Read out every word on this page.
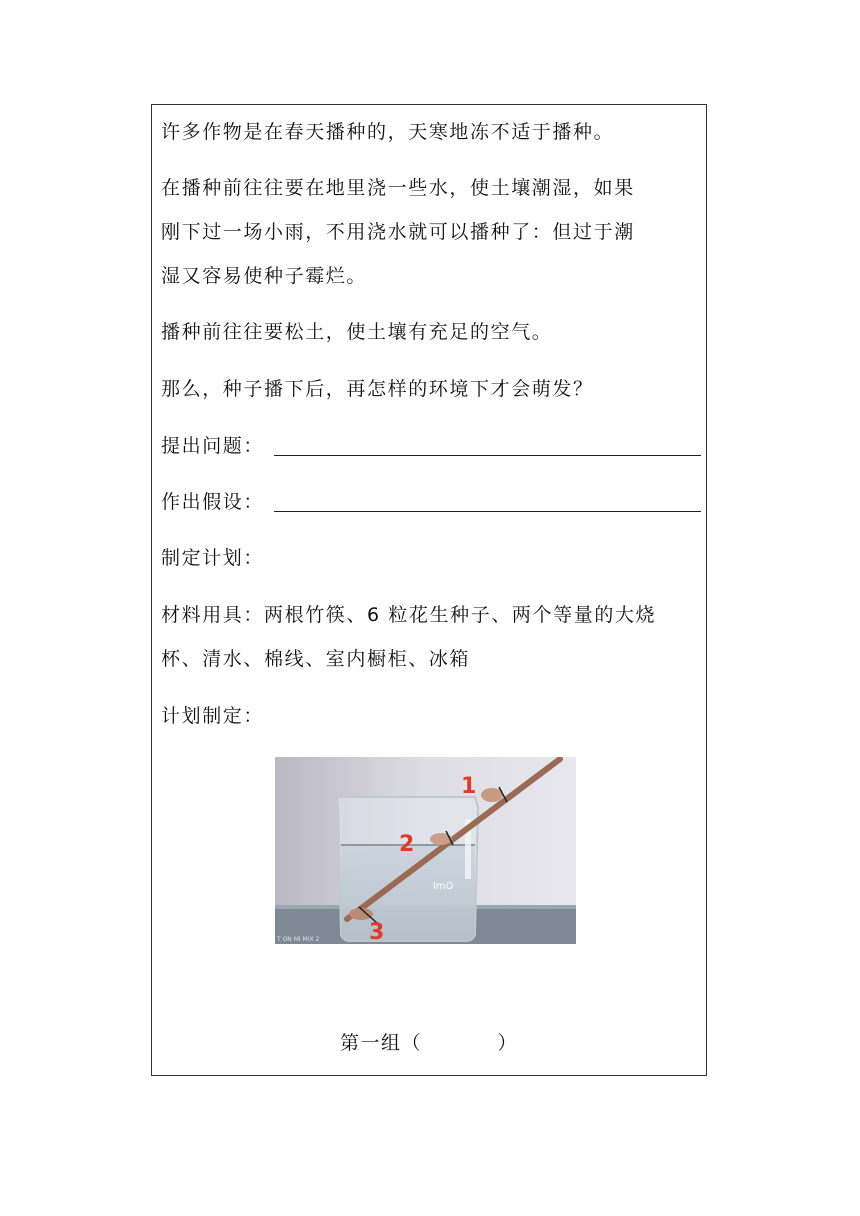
许多作物是在春天播种的，天寒地冻不适于播种。
在播种前往往要在地里浇一些水，使土壤潮湿，如果
刚下过一场小雨，不用浇水就可以播种了：但过于潮
湿又容易使种子霉烂。
播种前往往要松土，使土壤有充足的空气。
那么，种子播下后，再怎样的环境下才会萌发？
提出问题：
作出假设：
制定计划：
材料用具：两根竹筷、6 粒花生种子、两个等量的大烧
杯、清水、棉线、室内橱柜、冰箱
计划制定：
lmO
1
2
3
T ON MI MIX 2
第一组（          ）
